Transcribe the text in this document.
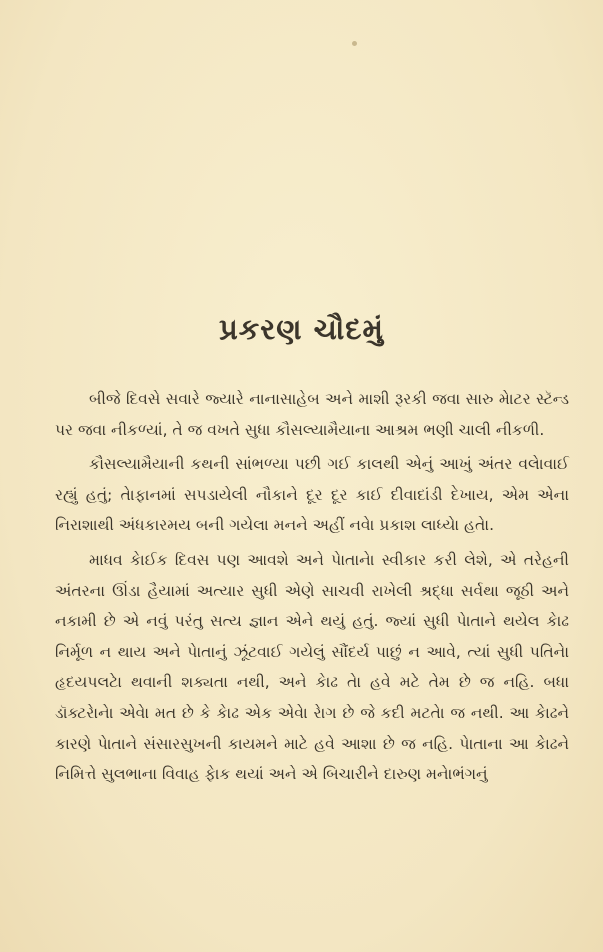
પ્રકરણ ચૌદમું

બીજે દિવસે સવારે જ્યારે નાનાસાહેબ અને માશી રૂરકી જવા સારુ મેાટર સ્ટૅન્ડ પર જવા નીકળ્યાં, તે જ વખતે સુધા કૌસલ્યામૈયાના આશ્રમ ભણી ચાલી નીકળી.

કૌસલ્યામૈયાની કથની સાંભળ્યા પછી ગઈ કાલથી એનું આખું અંતર વલેાવાઈ રહ્યું હતું; તેાફાનમાં સપડાયેલી નૌકાને દૂર દૂર કાઈ દીવાદાંડી દેખાય, એમ એના નિરાશાથી અંધકારમય બની ગયેલા મનને અહીં નવેા પ્રકાશ લાધ્યેા હતેા.

માધવ કેાઈક દિવસ પણ આવશે અને પેાતાનેા સ્વીકાર કરી લેશે, એ તરેહની અંતરના ઊંડા હૈયામાં અત્યાર સુધી એણે સાચવી રાખેલી શ્રદ્ધા સર્વથા જૂઠી અને નકામી છે એ નવું પરંતુ સત્ય જ્ઞાન એને થયું હતું. જ્યાં સુધી પેાતાને થયેલ કેાઢ નિર્મૂળ ન થાય અને પેાતાનું ઝૂંટવાઈ ગયેલું સૌંદર્ય પાછું ન આવે, ત્યાં સુધી પતિનેા હૃદયપલટેા થવાની શક્યતા નથી, અને કેાઢ તેા હવે મટે તેમ છે જ નહિ. બધા ડૉક્ટરેાનેા એવેા મત છે કે કેાઢ એક એવેા રેાગ છે જે કદી મટતેા જ નથી. આ કેાઢને કારણે પેાતાને સંસારસુખની કાયમને માટે હવે આશા છે જ નહિ. પેાતાના આ કેાઢને નિમિત્તે સુલભાના વિવાહ ફેાક થયાં અને એ બિચારીને દારુણ મનેાભંગનું
